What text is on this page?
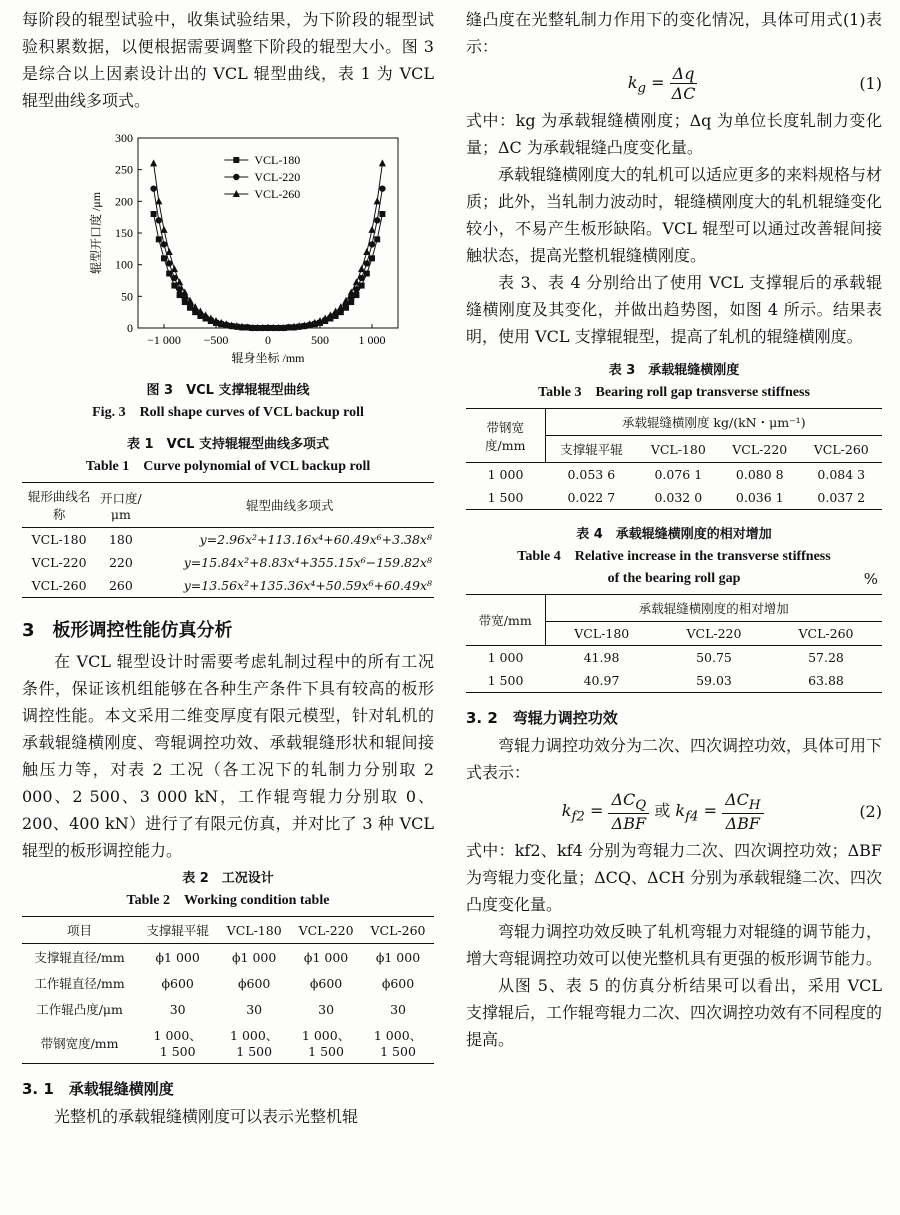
每阶段的辊型试验中，收集试验结果，为下阶段的辊型试验积累数据，以便根据需要调整下阶段的辊型大小。图 3 是综合以上因素设计出的 VCL 辊型曲线，表 1 为 VCL 辊型曲线多项式。

0
50
100
150
200
250
300
−1 000 −500	0	500 1 000
辊身坐标 /mm
辊型开口度 /μm
VCL-180
VCL-220
VCL-260
图 3　VCL 支撑辊辊型曲线
Fig. 3　Roll shape curves of VCL backup roll
表 1　VCL 支持辊辊型曲线多项式
Table 1　Curve polynomial of VCL backup roll
辊形曲线名称	开口度/μm	辊型曲线多项式
VCL-180	180	y=2.96x²+113.16x⁴+60.49x⁶+3.38x⁸
VCL-220	220	y=15.84x²+8.83x⁴+355.15x⁶−159.82x⁸
VCL-260	260	y=13.56x²+135.36x⁴+50.59x⁶+60.49x⁸
3　板形调控性能仿真分析

在 VCL 辊型设计时需要考虑轧制过程中的所有工况条件，保证该机组能够在各种生产条件下具有较高的板形调控性能。本文采用二维变厚度有限元模型，针对轧机的承载辊缝横刚度、弯辊调控功效、承载辊缝形状和辊间接触压力等，对表 2 工况（各工况下的轧制力分别取 2 000、2 500、3 000 kN，工作辊弯辊力分别取 0、200、400 kN）进行了有限元仿真，并对比了 3 种 VCL 辊型的板形调控能力。

表 2　工况设计
Table 2　Working condition table
项目	支撑辊平辊	VCL-180	VCL-220	VCL-260
支撑辊直径/mm	ϕ1 000	ϕ1 000	ϕ1 000	ϕ1 000
工作辊直径/mm	ϕ600	ϕ600	ϕ600	ϕ600
工作辊凸度/μm	30	30	30	30
带钢宽度/mm	1 000、
1 500	1 000、
1 500	1 000、
1 500	1 000、
1 500
3. 1　承载辊缝横刚度

光整机的承载辊缝横刚度可以表示光整机辊

缝凸度在光整轧制力作用下的变化情况，具体可用式(1)表示：

$k_g = \frac{\Delta q}{\Delta C}$	(1)

式中：kg 为承载辊缝横刚度；Δq 为单位长度轧制力变化量；ΔC 为承载辊缝凸度变化量。

承载辊缝横刚度大的轧机可以适应更多的来料规格与材质；此外，当轧制力波动时，辊缝横刚度大的轧机辊缝变化较小，不易产生板形缺陷。VCL 辊型可以通过改善辊间接触状态，提高光整机辊缝横刚度。

表 3、表 4 分别给出了使用 VCL 支撑辊后的承载辊缝横刚度及其变化，并做出趋势图，如图 4 所示。结果表明，使用 VCL 支撑辊辊型，提高了轧机的辊缝横刚度。

表 3　承载辊缝横刚度
Table 3　Bearing roll gap transverse stiffness
带钢宽度/mm	承载辊缝横刚度 kg/(kN・μm⁻¹)			
	支撑辊平辊	VCL-180	VCL-220	VCL-260
1 000	0.053 6	0.076 1	0.080 8	0.084 3
1 500	0.022 7	0.032 0	0.036 1	0.037 2
表 4　承载辊缝横刚度的相对增加
Table 4　Relative increase in the transverse stiffness
of the bearing roll gap	%
带宽/mm	承载辊缝横刚度的相对增加		
	VCL-180	VCL-220	VCL-260
1 000	41.98	50.75	57.28
1 500	40.97	59.03	63.88
3. 2　弯辊力调控功效

弯辊力调控功效分为二次、四次调控功效，具体可用下式表示：

$k_{f2} = \frac{\Delta C_Q}{\text{ΔBF}}$ 或 $k_{f4} = \frac{\Delta C_H}{\text{ΔBF}}$	(2)

式中：kf2、kf4 分别为弯辊力二次、四次调控功效；ΔBF 为弯辊力变化量；ΔCQ、ΔCH 分别为承载辊缝二次、四次凸度变化量。

弯辊力调控功效反映了轧机弯辊力对辊缝的调节能力，增大弯辊调控功效可以使光整机具有更强的板形调节能力。

从图 5、表 5 的仿真分析结果可以看出，采用 VCL 支撑辊后，工作辊弯辊力二次、四次调控功效有不同程度的提高。
